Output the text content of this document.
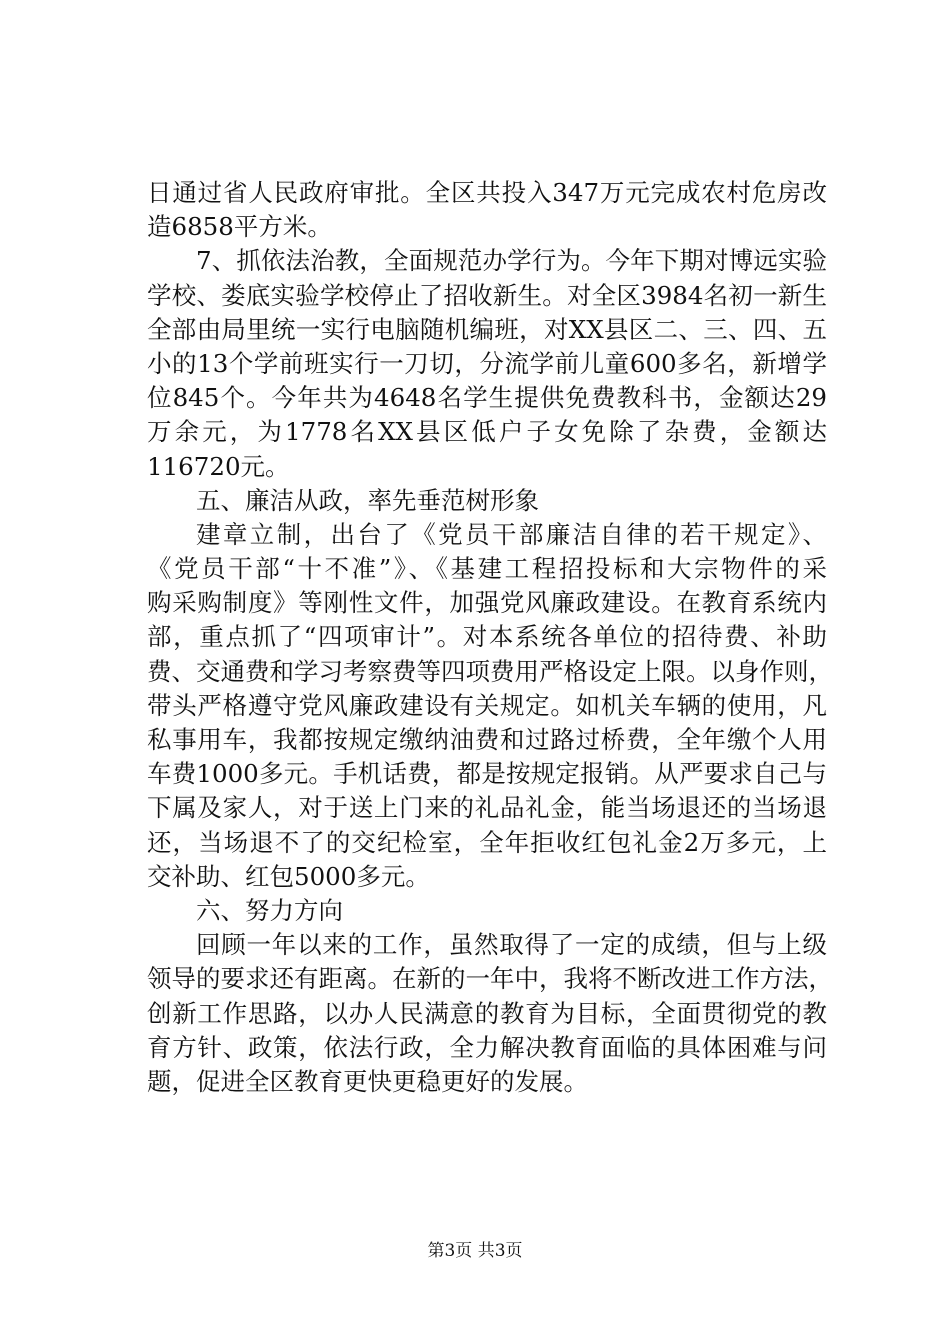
日通过省人民政府审批。全区共投入347万元完成农村危房改
造6858平方米。
7、抓依法治教，全面规范办学行为。今年下期对博远实验
学校、娄底实验学校停止了招收新生。对全区3984名初一新生
全部由局里统一实行电脑随机编班，对XX县区二、三、四、五
小的13个学前班实行一刀切，分流学前儿童600多名，新增学
位845个。今年共为4648名学生提供免费教科书，金额达29
万余元，为1778名XX县区低户子女免除了杂费，金额达
116720元。
五、廉洁从政，率先垂范树形象
建章立制，出台了《党员干部廉洁自律的若干规定》、
《党员干部“十不准”》、《基建工程招投标和大宗物件的采
购采购制度》等刚性文件，加强党风廉政建设。在教育系统内
部，重点抓了“四项审计”。对本系统各单位的招待费、补助
费、交通费和学习考察费等四项费用严格设定上限。以身作则，
带头严格遵守党风廉政建设有关规定。如机关车辆的使用，凡
私事用车，我都按规定缴纳油费和过路过桥费，全年缴个人用
车费1000多元。手机话费，都是按规定报销。从严要求自己与
下属及家人，对于送上门来的礼品礼金，能当场退还的当场退
还，当场退不了的交纪检室，全年拒收红包礼金2万多元，上
交补助、红包5000多元。
六、努力方向
回顾一年以来的工作，虽然取得了一定的成绩，但与上级
领导的要求还有距离。在新的一年中，我将不断改进工作方法，
创新工作思路，以办人民满意的教育为目标，全面贯彻党的教
育方针、政策，依法行政，全力解决教育面临的具体困难与问
题，促进全区教育更快更稳更好的发展。
第3页 共3页
